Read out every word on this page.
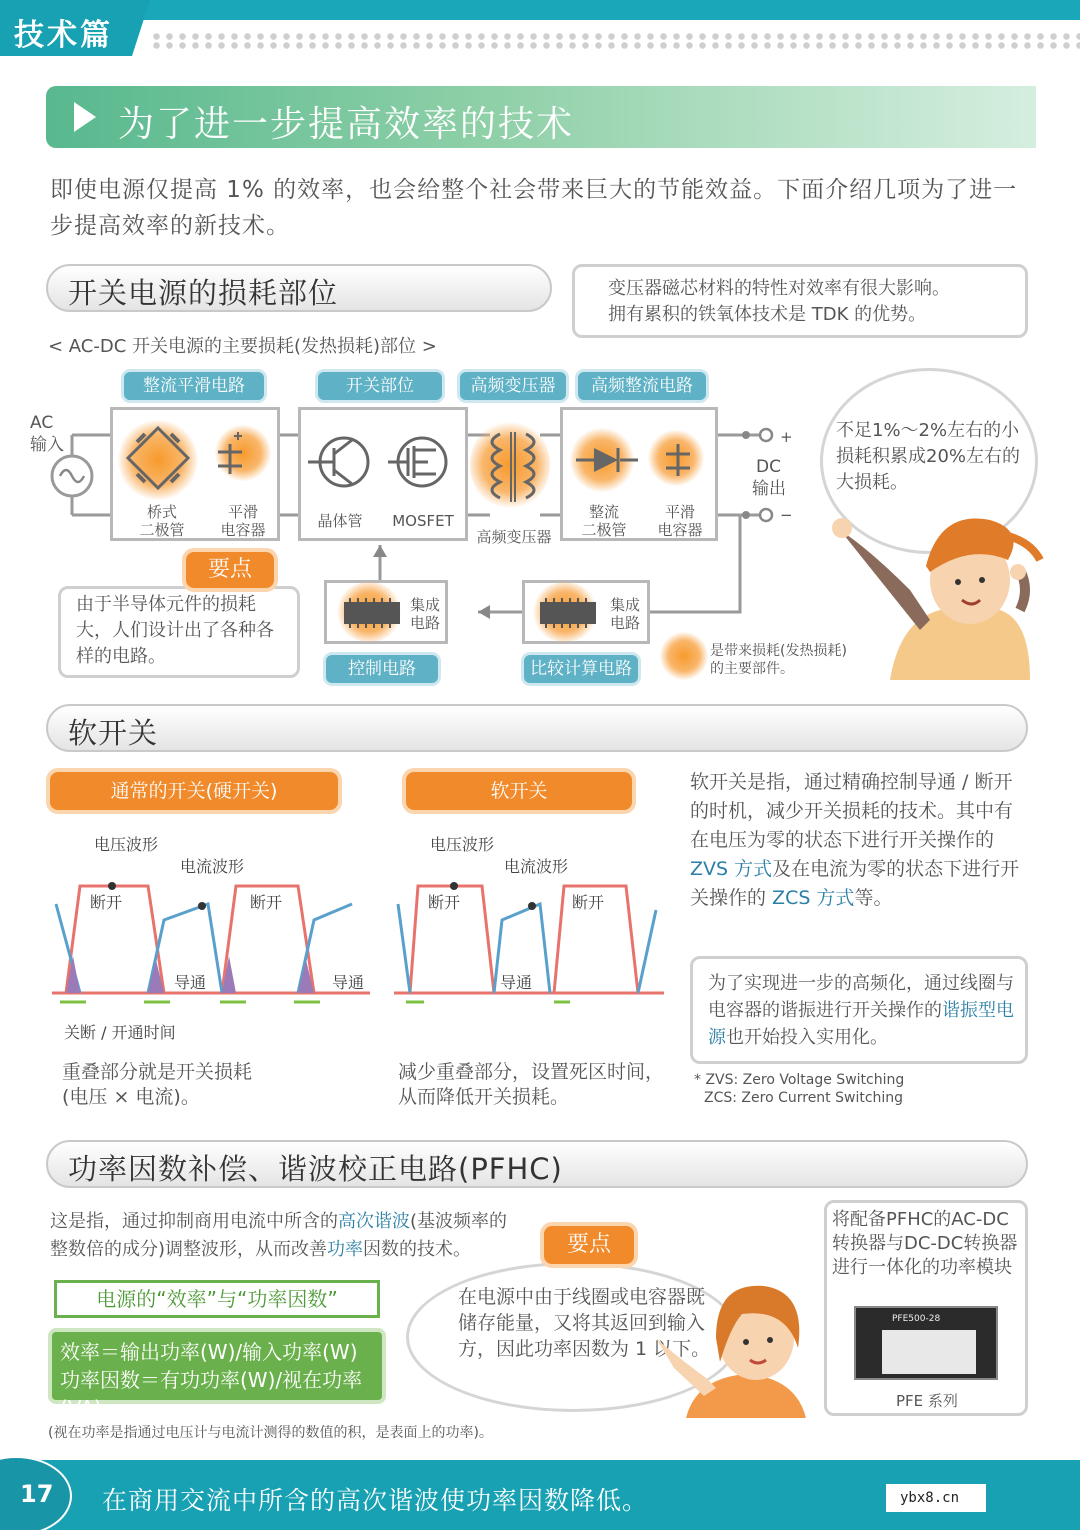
技术篇
为了进一步提高效率的技术
即使电源仅提高 1% 的效率，也会给整个社会带来巨大的节能效益。下面介绍几项为了进一步提高效率的新技术。
开关电源的损耗部位	变压器磁芯材料的特性对效率有很大影响。
拥有累积的铁氧体技术是 TDK 的优势。
< AC-DC 开关电源的主要损耗(发热损耗)部位 >
AC
输入
整流平滑电路
桥式
二极管
平滑
电容器
开关部位
晶体管	MOSFET
高频变压器
高频变压器
高频整流电路
整流
二极管
平滑
电容器
DC
输出
+
−
集成
电路
控制电路
集成
电路
比较计算电路
是带来损耗(发热损耗)
的主要部件。
要点
由于半导体元件的损耗大，人们设计出了各种各样的电路。
不足1%～2%左右的小损耗积累成20%左右的大损耗。
软开关
通常的开关(硬开关)	软开关
电压波形
电流波形
断开	断开
导通	导通
关断 / 开通时间
重叠部分就是开关损耗
(电压 × 电流)。
电压波形
电流波形
断开	断开
导通
减少重叠部分，设置死区时间，
从而降低开关损耗。
软开关是指，通过精确控制导通 / 断开的时机，减少开关损耗的技术。其中有在电压为零的状态下进行开关操作的 ZVS 方式及在电流为零的状态下进行开关操作的 ZCS 方式等。
为了实现进一步的高频化，通过线圈与电容器的谐振进行开关操作的谐振型电源也开始投入实用化。
* ZVS: Zero Voltage Switching
ZCS: Zero Current Switching
功率因数补偿、谐波校正电路(PFHC)
这是指，通过抑制商用电流中所含的高次谐波(基波频率的整数倍的成分)调整波形，从而改善功率因数的技术。
电源的“效率”与“功率因数”
效率＝输出功率(W)/输入功率(W)
功率因数＝有功功率(W)/视在功率(VA)
要点
在电源中由于线圈或电容器既储存能量，又将其返回到输入方，因此功率因数为 1 以下。
将配备PFHC的AC-DC转换器与DC-DC转换器进行一体化的功率模块
PFE500-28
PFE 系列
(视在功率是指通过电压计与电流计测得的数值的积，是表面上的功率)。
17 在商用交流中所含的高次谐波使功率因数降低。	ybx8.cn
